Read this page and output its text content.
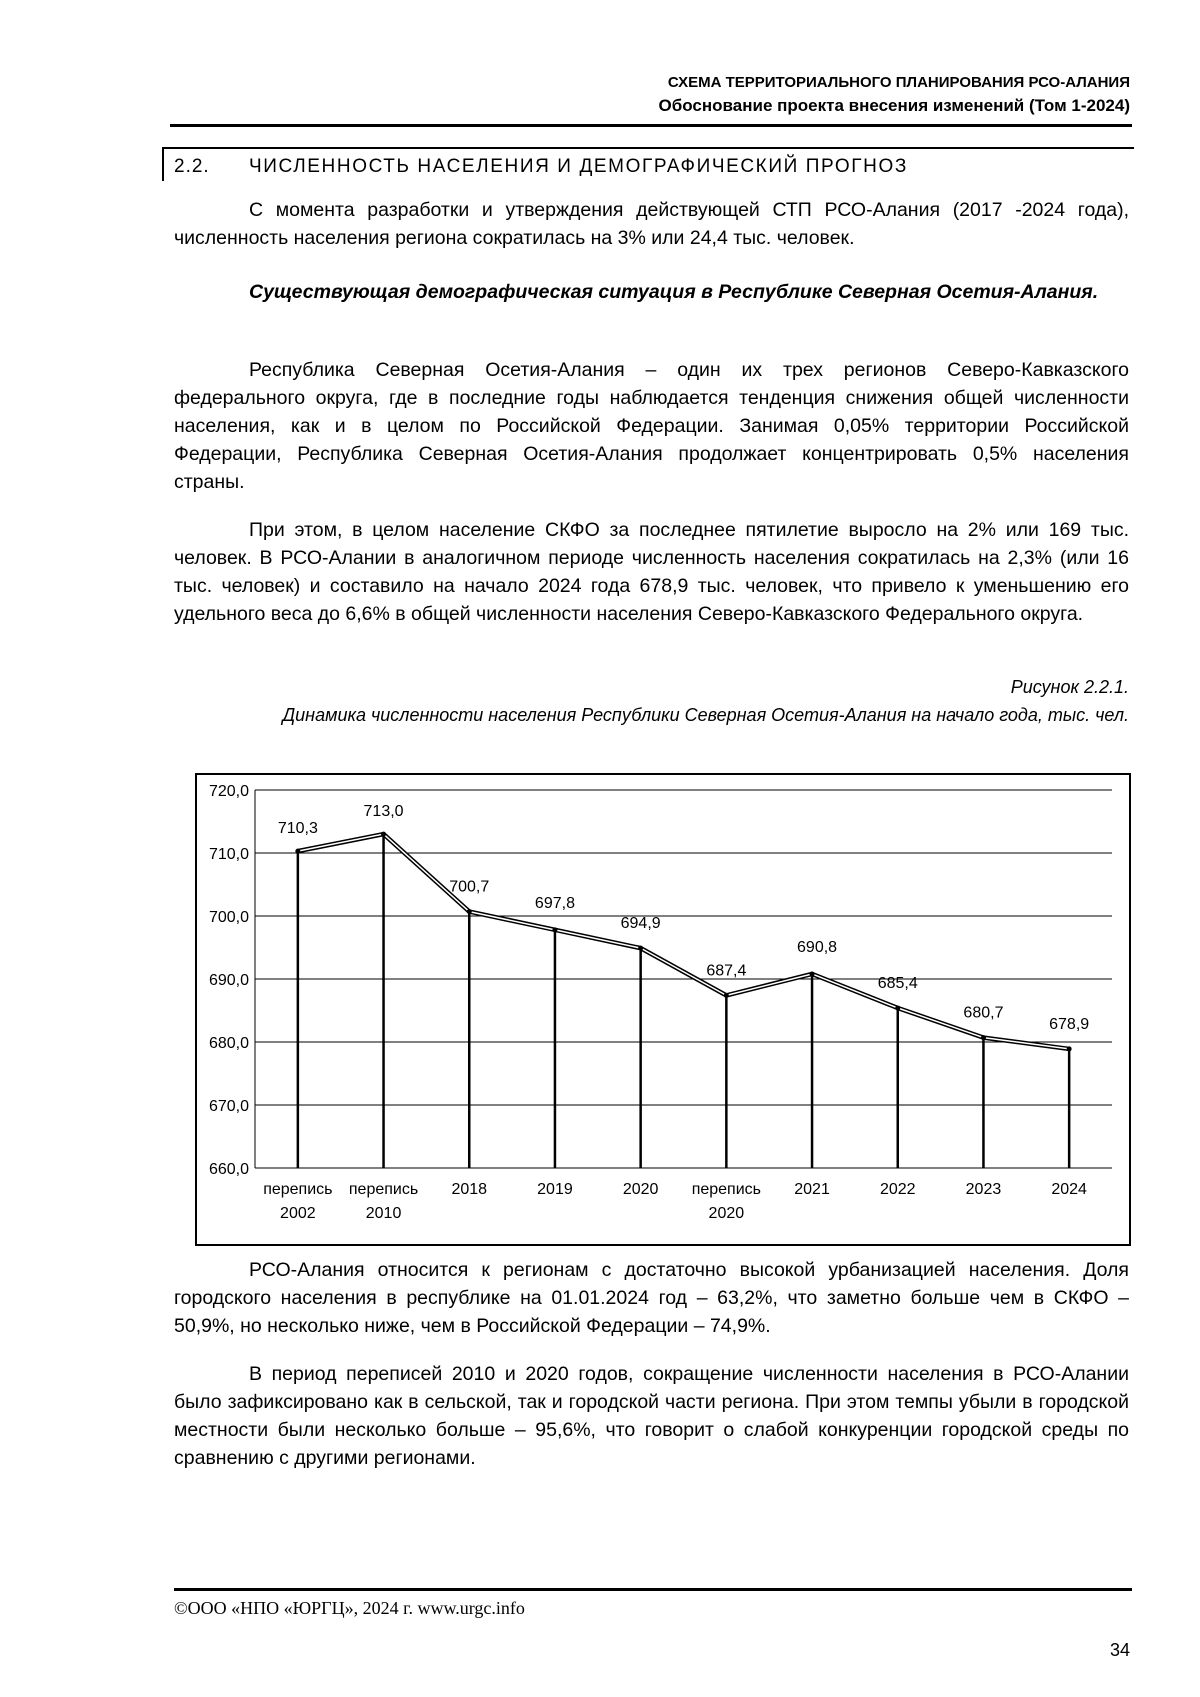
СХЕМА ТЕРРИТОРИАЛЬНОГО ПЛАНИРОВАНИЯ РСО-АЛАНИЯ
Обоснование проекта внесения изменений (Том 1-2024)
2.2. ЧИСЛЕННОСТЬ НАСЕЛЕНИЯ И ДЕМОГРАФИЧЕСКИЙ ПРОГНОЗ
С момента разработки и утверждения действующей СТП РСО-Алания (2017 -2024 года), численность населения региона сократилась на 3% или 24,4 тыс. человек.
Существующая демографическая ситуация в Республике Северная Осетия-Алания.
Республика Северная Осетия-Алания – один их трех регионов Северо-Кавказского федерального округа, где в последние годы наблюдается тенденция снижения общей численности населения, как и в целом по Российской Федерации. Занимая 0,05% территории Российской Федерации, Республика Северная Осетия-Алания продолжает концентрировать 0,5% населения страны.
При этом, в целом население СКФО за последнее пятилетие выросло на 2% или 169 тыс. человек. В РСО-Алании в аналогичном периоде численность населения сократилась на 2,3% (или 16 тыс. человек) и составило на начало 2024 года 678,9 тыс. человек, что привело к уменьшению его удельного веса до 6,6% в общей численности населения Северо-Кавказского Федерального округа.
Рисунок 2.2.1.
Динамика численности населения Республики Северная Осетия-Алания на начало года, тыс. чел.
660,0
670,0
680,0
690,0
700,0
710,0
720,0
710,3
713,0
700,7
697,8
694,9
687,4
690,8
685,4
680,7
678,9
перепись
2002
перепись
2010
2018	2019	2020 перепись
2020
2021	2022	2023	2024
РСО-Алания относится к регионам с достаточно высокой урбанизацией населения. Доля городского населения в республике на 01.01.2024 год – 63,2%, что заметно больше чем в СКФО – 50,9%, но несколько ниже, чем в Российской Федерации – 74,9%.
В период переписей 2010 и 2020 годов, сокращение численности населения в РСО-Алании было зафиксировано как в сельской, так и городской части региона. При этом темпы убыли в городской местности были несколько больше – 95,6%, что говорит о слабой конкуренции городской среды по сравнению с другими регионами.
©ООО «НПО «ЮРГЦ», 2024 г. www.urgc.info
34
